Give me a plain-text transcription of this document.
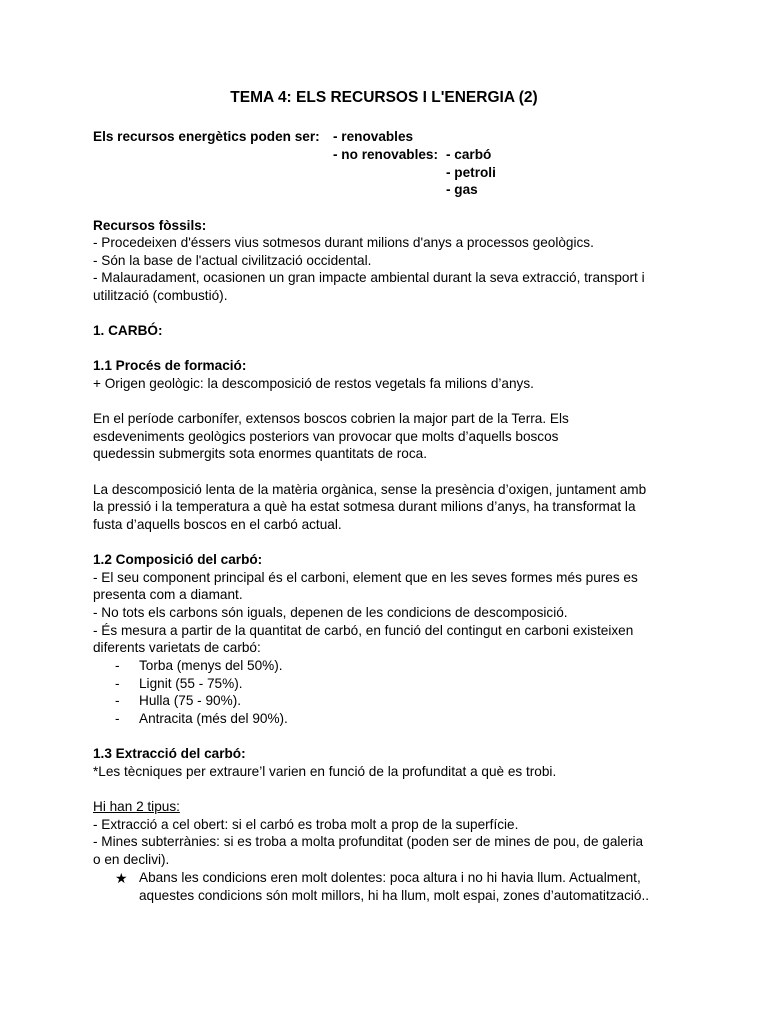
TEMA 4: ELS RECURSOS I L'ENERGIA (2)
Els recursos energètics poden ser: - renovables
- no renovables: - carbó
- petroli
- gas
Recursos fòssils:
- Procedeixen d'éssers vius sotmesos durant milions d'anys a processos geològics.
- Són la base de l'actual civilització occidental.
- Malauradament, ocasionen un gran impacte ambiental durant la seva extracció, transport i
utilització (combustió).
1. CARBÓ:
1.1 Procés de formació:
+ Origen geològic: la descomposició de restos vegetals fa milions d’anys.
En el període carbonífer, extensos boscos cobrien la major part de la Terra. Els
esdeveniments geològics posteriors van provocar que molts d’aquells boscos
quedessin submergits sota enormes quantitats de roca.
La descomposició lenta de la matèria orgànica, sense la presència d’oxigen, juntament amb
la pressió i la temperatura a què ha estat sotmesa durant milions d’anys, ha transformat la
fusta d’aquells boscos en el carbó actual.
1.2 Composició del carbó:
- El seu component principal és el carboni, element que en les seves formes més pures es
presenta com a diamant.
- No tots els carbons són iguals, depenen de les condicions de descomposició.
- És mesura a partir de la quantitat de carbó, en funció del contingut en carboni existeixen
diferents varietats de carbó:
- Torba (menys del 50%).
- Lignit (55 - 75%).
- Hulla (75 - 90%).
- Antracita (més del 90%).
1.3 Extracció del carbó:
*Les tècniques per extraure’l varien en funció de la profunditat a què es trobi.
Hi han 2 tipus:
- Extracció a cel obert: si el carbó es troba molt a prop de la superfície.
- Mines subterrànies: si es troba a molta profunditat (poden ser de mines de pou, de galeria
o en declivi).
★ Abans les condicions eren molt dolentes: poca altura i no hi havia llum. Actualment,
aquestes condicions són molt millors, hi ha llum, molt espai, zones d’automatització..
